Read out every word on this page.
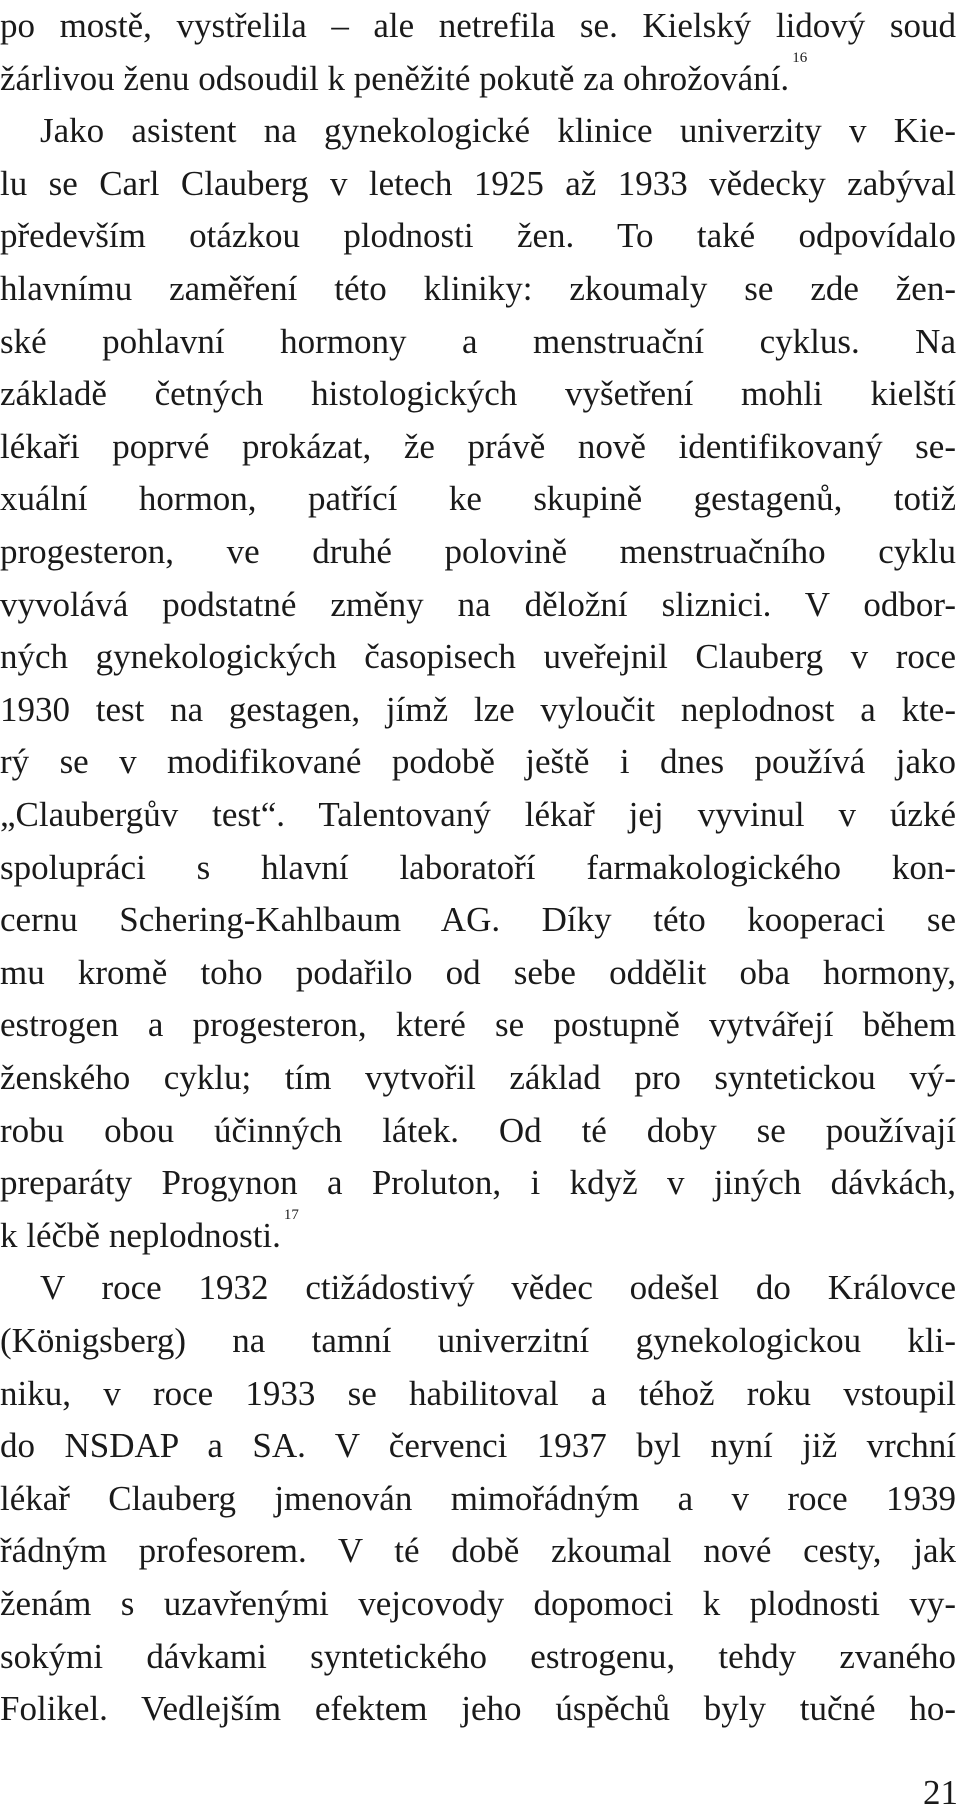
po mostě, vystřelila – ale netrefila se. Kielský lidový soud
žárlivou ženu odsoudil k peněžité pokutě za ohrožování.$^{16}$
Jako asistent na gynekologické klinice univerzity v Kie-
lu se Carl Clauberg v letech 1925 až 1933 vědecky zabýval
především otázkou plodnosti žen. To také odpovídalo
hlavnímu zaměření této kliniky: zkoumaly se zde žen-
ské pohlavní hormony a menstruační cyklus. Na
základě četných histologických vyšetření mohli kielští
lékaři poprvé prokázat, že právě nově identifikovaný se-
xuální hormon, patřící ke skupině gestagenů, totiž
progesteron, ve druhé polovině menstruačního cyklu
vyvolává podstatné změny na děložní sliznici. V odbor-
ných gynekologických časopisech uveřejnil Clauberg v roce
1930 test na gestagen, jímž lze vyloučit neplodnost a kte-
rý se v modifikované podobě ještě i dnes používá jako
„Claubergův test“. Talentovaný lékař jej vyvinul v úzké
spolupráci s hlavní laboratoří farmakologického kon-
cernu Schering-Kahlbaum AG. Díky této kooperaci se
mu kromě toho podařilo od sebe oddělit oba hormony,
estrogen a progesteron, které se postupně vytvářejí během
ženského cyklu; tím vytvořil základ pro syntetickou vý-
robu obou účinných látek. Od té doby se používají
preparáty Progynon a Proluton, i když v jiných dávkách,
k léčbě neplodnosti.$^{17}$
V roce 1932 ctižádostivý vědec odešel do Královce
(Königsberg) na tamní univerzitní gynekologickou kli-
niku, v roce 1933 se habilitoval a téhož roku vstoupil
do NSDAP a SA. V červenci 1937 byl nyní již vrchní
lékař Clauberg jmenován mimořádným a v roce 1939
řádným profesorem. V té době zkoumal nové cesty, jak
ženám s uzavřenými vejcovody dopomoci k plodnosti vy-
sokými dávkami syntetického estrogenu, tehdy zvaného
21
Folikel. Vedlejším efektem jeho úspěchů byly tučné ho-
